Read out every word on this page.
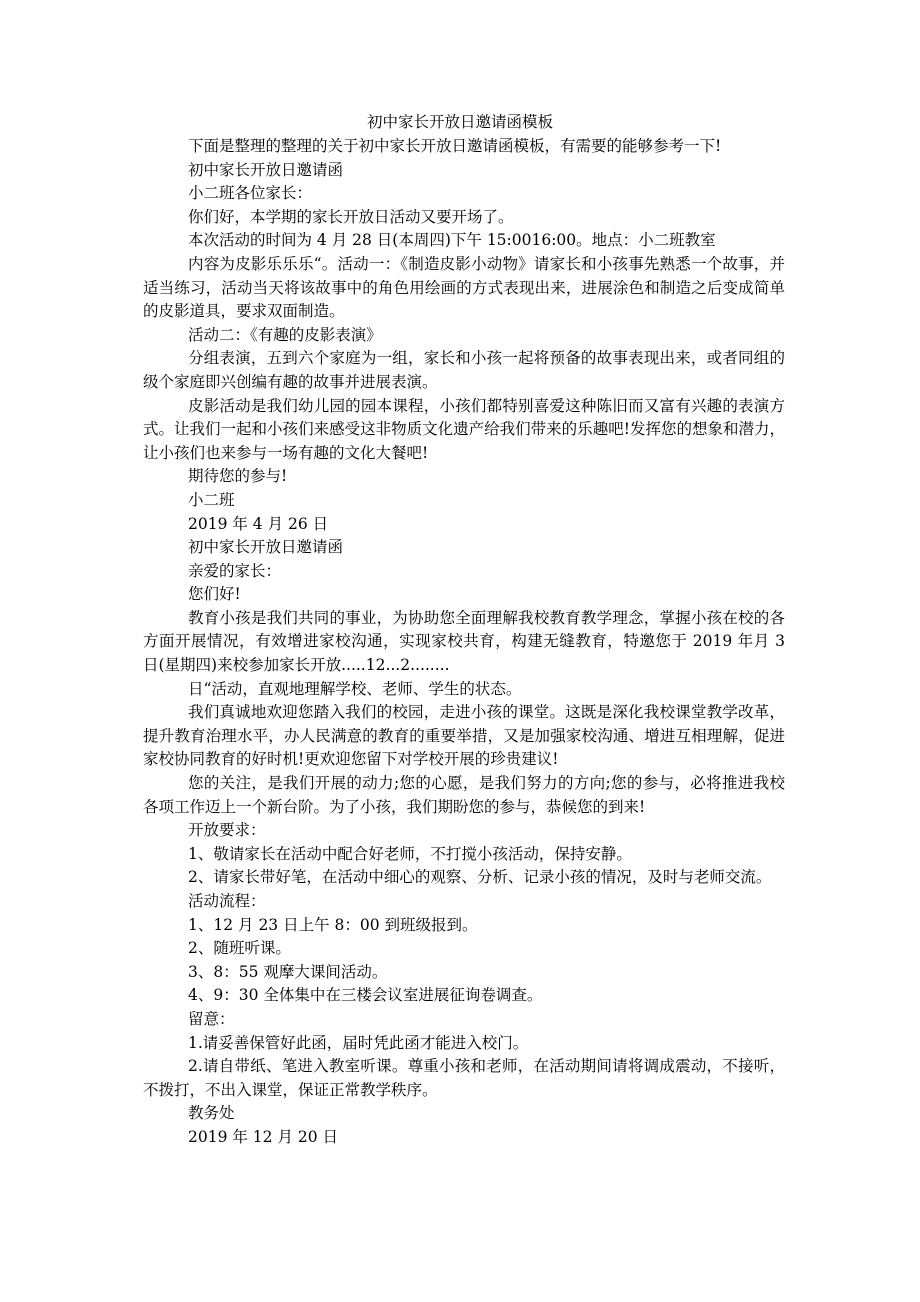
初中家长开放日邀请函模板

下面是整理的整理的关于初中家长开放日邀请函模板，有需要的能够参考一下!

初中家长开放日邀请函

小二班各位家长：

你们好，本学期的家长开放日活动又要开场了。

本次活动的时间为 4 月 28 日(本周四)下午 15:0016:00。地点：小二班教室

内容为皮影乐乐乐“。活动一：《制造皮影小动物》请家长和小孩事先熟悉一个故事，并适当练习，活动当天将该故事中的角色用绘画的方式表现出来，进展涂色和制造之后变成简单的皮影道具，要求双面制造。

活动二：《有趣的皮影表演》

分组表演，五到六个家庭为一组，家长和小孩一起将预备的故事表现出来，或者同组的级个家庭即兴创编有趣的故事并进展表演。

皮影活动是我们幼儿园的园本课程，小孩们都特别喜爱这种陈旧而又富有兴趣的表演方式。让我们一起和小孩们来感受这非物质文化遗产给我们带来的乐趣吧!发挥您的想象和潜力，让小孩们也来参与一场有趣的文化大餐吧!

期待您的参与!

小二班

2019 年 4 月 26 日

初中家长开放日邀请函

亲爱的家长：

您们好!

教育小孩是我们共同的事业，为协助您全面理解我校教育教学理念，掌握小孩在校的各方面开展情况，有效增进家校沟通，实现家校共育，构建无缝教育，特邀您于 2019 年月 3 日(星期四)来校参加家长开放.....12...2........

日“活动，直观地理解学校、老师、学生的状态。

我们真诚地欢迎您踏入我们的校园，走进小孩的课堂。这既是深化我校课堂教学改革，提升教育治理水平，办人民满意的教育的重要举措，又是加强家校沟通、增进互相理解，促进家校协同教育的好时机!更欢迎您留下对学校开展的珍贵建议!

您的关注，是我们开展的动力;您的心愿，是我们努力的方向;您的参与，必将推进我校各项工作迈上一个新台阶。为了小孩，我们期盼您的参与，恭候您的到来!

开放要求：

1、敬请家长在活动中配合好老师，不打搅小孩活动，保持安静。

2、请家长带好笔，在活动中细心的观察、分析、记录小孩的情况，及时与老师交流。

活动流程：

1、12 月 23 日上午 8：00 到班级报到。

2、随班听课。

3、8：55 观摩大课间活动。

4、9：30 全体集中在三楼会议室进展征询卷调查。

留意：

1.请妥善保管好此函，届时凭此函才能进入校门。

2.请自带纸、笔进入教室听课。尊重小孩和老师，在活动期间请将调成震动，不接听，不拨打，不出入课堂，保证正常教学秩序。

教务处

2019 年 12 月 20 日
